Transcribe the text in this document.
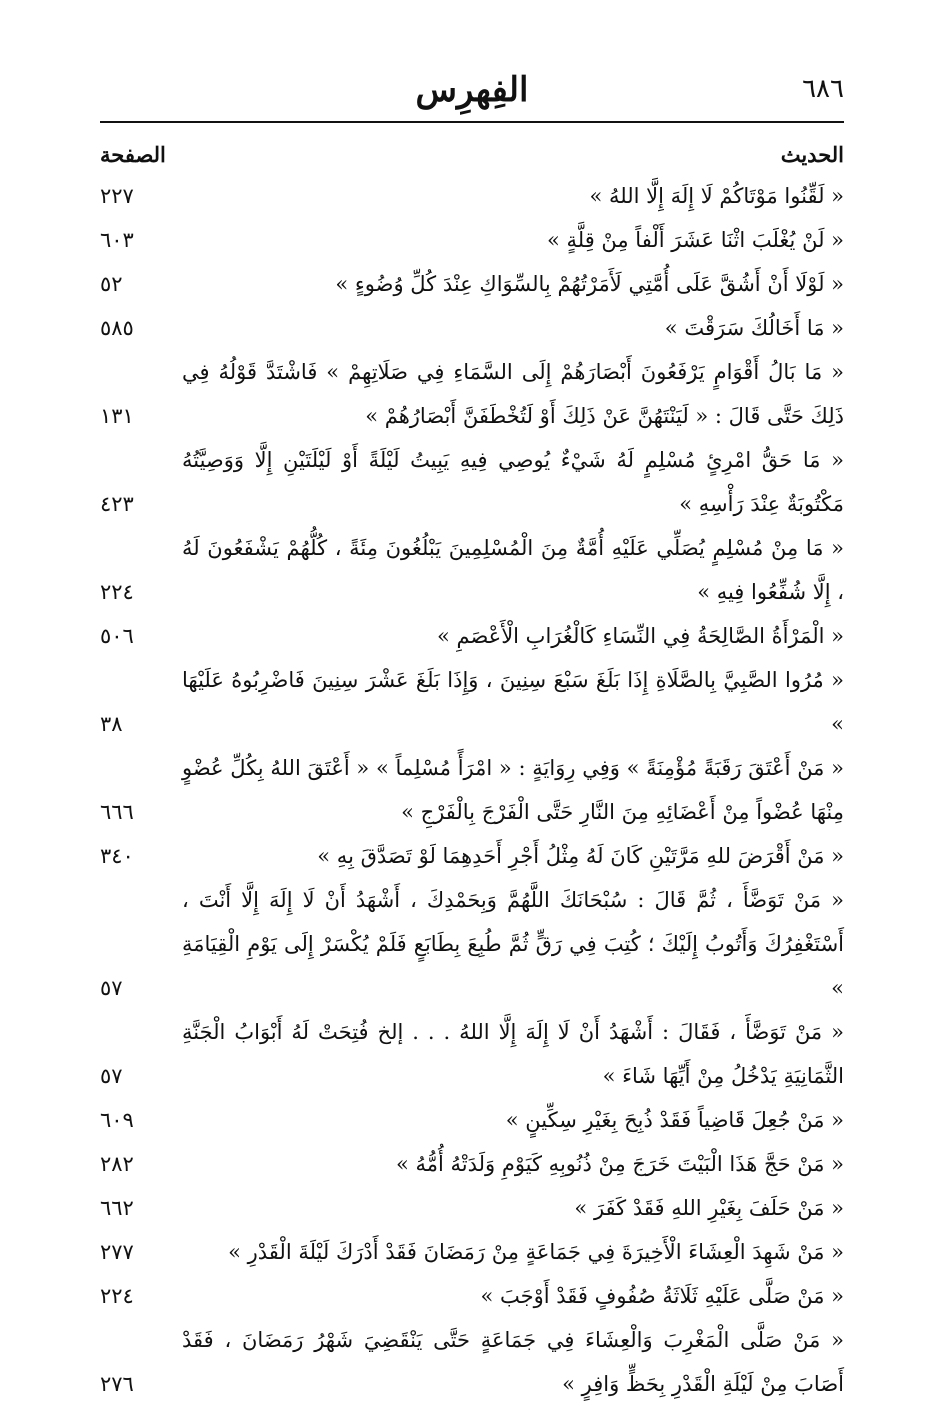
٦٨٦
الفِهرِس
الحديث
الصفحة
« لَقِّنُوا مَوْتَاكُمْ لَا إِلَهَ إِلَّا اللهُ »
٢٢٧
« لَنْ يُغْلَبَ اثْنَا عَشَرَ أَلْفاً مِنْ قِلَّةٍ »
٦٠٣
« لَوْلَا أَنْ أَشُقَّ عَلَى أُمَّتِي لَأَمَرْتُهُمْ بِالسِّوَاكِ عِنْدَ كُلِّ وُضُوءٍ »
٥٢
« مَا أَخَالُكَ سَرَقْتَ »
٥٨٥
« مَا بَالُ أَقْوَامٍ يَرْفَعُونَ أَبْصَارَهُمْ إِلَى السَّمَاءِ فِي صَلَاتِهِمْ » فَاشْتَدَّ قَوْلُهُ فِي ذَلِكَ حَتَّى قَالَ : « لَيَنْتَهُنَّ عَنْ ذَلِكَ أَوْ لَتُخْطَفَنَّ أَبْصَارُهُمْ »
١٣١
« مَا حَقُّ امْرِئٍ مُسْلِمٍ لَهُ شَيْءٌ يُوصِي فِيهِ يَبِيتُ لَيْلَةً أَوْ لَيْلَتَيْنِ إِلَّا وَوَصِيَّتُهُ مَكْتُوبَةٌ عِنْدَ رَأْسِهِ »
٤٢٣
« مَا مِنْ مُسْلِمٍ يُصَلِّي عَلَيْهِ أُمَّةٌ مِنَ الْمُسْلِمِينَ يَبْلُغُونَ مِئَةً ، كُلُّهُمْ يَشْفَعُونَ لَهُ ، إِلَّا شُفِّعُوا فِيهِ »
٢٢٤
« الْمَرْأَةُ الصَّالِحَةُ فِي النِّسَاءِ كَالْغُرَابِ الْأَعْصَمِ »
٥٠٦
« مُرُوا الصَّبِيَّ بِالصَّلَاةِ إِذَا بَلَغَ سَبْعَ سِنِينَ ، وَإِذَا بَلَغَ عَشْرَ سِنِينَ فَاضْرِبُوهُ عَلَيْهَا »
٣٨
« مَنْ أَعْتَقَ رَقَبَةً مُؤْمِنَةً » وَفِي رِوَايَةٍ : « امْرَأً مُسْلِماً » « أَعْتَقَ اللهُ بِكُلِّ عُضْوٍ مِنْهَا عُضْواً مِنْ أَعْضَائِهِ مِنَ النَّارِ حَتَّى الْفَرْجَ بِالْفَرْجِ »
٦٦٦
« مَنْ أَقْرَضَ للهِ مَرَّتَيْنِ كَانَ لَهُ مِثْلُ أَجْرِ أَحَدِهِمَا لَوْ تَصَدَّقَ بِهِ »
٣٤٠
« مَنْ تَوَضَّأَ ، ثُمَّ قَالَ : سُبْحَانَكَ اللَّهُمَّ وَبِحَمْدِكَ ، أَشْهَدُ أَنْ لَا إِلَهَ إِلَّا أَنْتَ ، أَسْتَغْفِرُكَ وَأَتُوبُ إِلَيْكَ ؛ كُتِبَ فِي رَقٍّ ثُمَّ طُبِعَ بِطَابَعٍ فَلَمْ يُكْسَرْ إِلَى يَوْمِ الْقِيَامَةِ »
٥٧
« مَنْ تَوَضَّأَ ، فَقَالَ : أَشْهَدُ أَنْ لَا إِلَهَ إِلَّا اللهُ . . . إلخ فُتِحَتْ لَهُ أَبْوَابُ الْجَنَّةِ الثَّمَانِيَةِ يَدْخُلُ مِنْ أَيِّهَا شَاءَ »
٥٧
« مَنْ جُعِلَ قَاضِياً فَقَدْ ذُبِحَ بِغَيْرِ سِكِّينٍ »
٦٠٩
« مَنْ حَجَّ هَذَا الْبَيْتَ خَرَجَ مِنْ ذُنُوبِهِ كَيَوْمِ وَلَدَتْهُ أُمُّهُ »
٢٨٢
« مَنْ حَلَفَ بِغَيْرِ اللهِ فَقَدْ كَفَرَ »
٦٦٢
« مَنْ شَهِدَ الْعِشَاءَ الْأَخِيرَةَ فِي جَمَاعَةٍ مِنْ رَمَضَانَ فَقَدْ أَدْرَكَ لَيْلَةَ الْقَدْرِ »
٢٧٧
« مَنْ صَلَّى عَلَيْهِ ثَلَاثَةُ صُفُوفٍ فَقَدْ أَوْجَبَ »
٢٢٤
« مَنْ صَلَّى الْمَغْرِبَ وَالْعِشَاءَ فِي جَمَاعَةٍ حَتَّى يَنْقَضِيَ شَهْرُ رَمَضَانَ ، فَقَدْ أَصَابَ مِنْ لَيْلَةِ الْقَدْرِ بِحَظٍّ وَافِرٍ »
٢٧٦
